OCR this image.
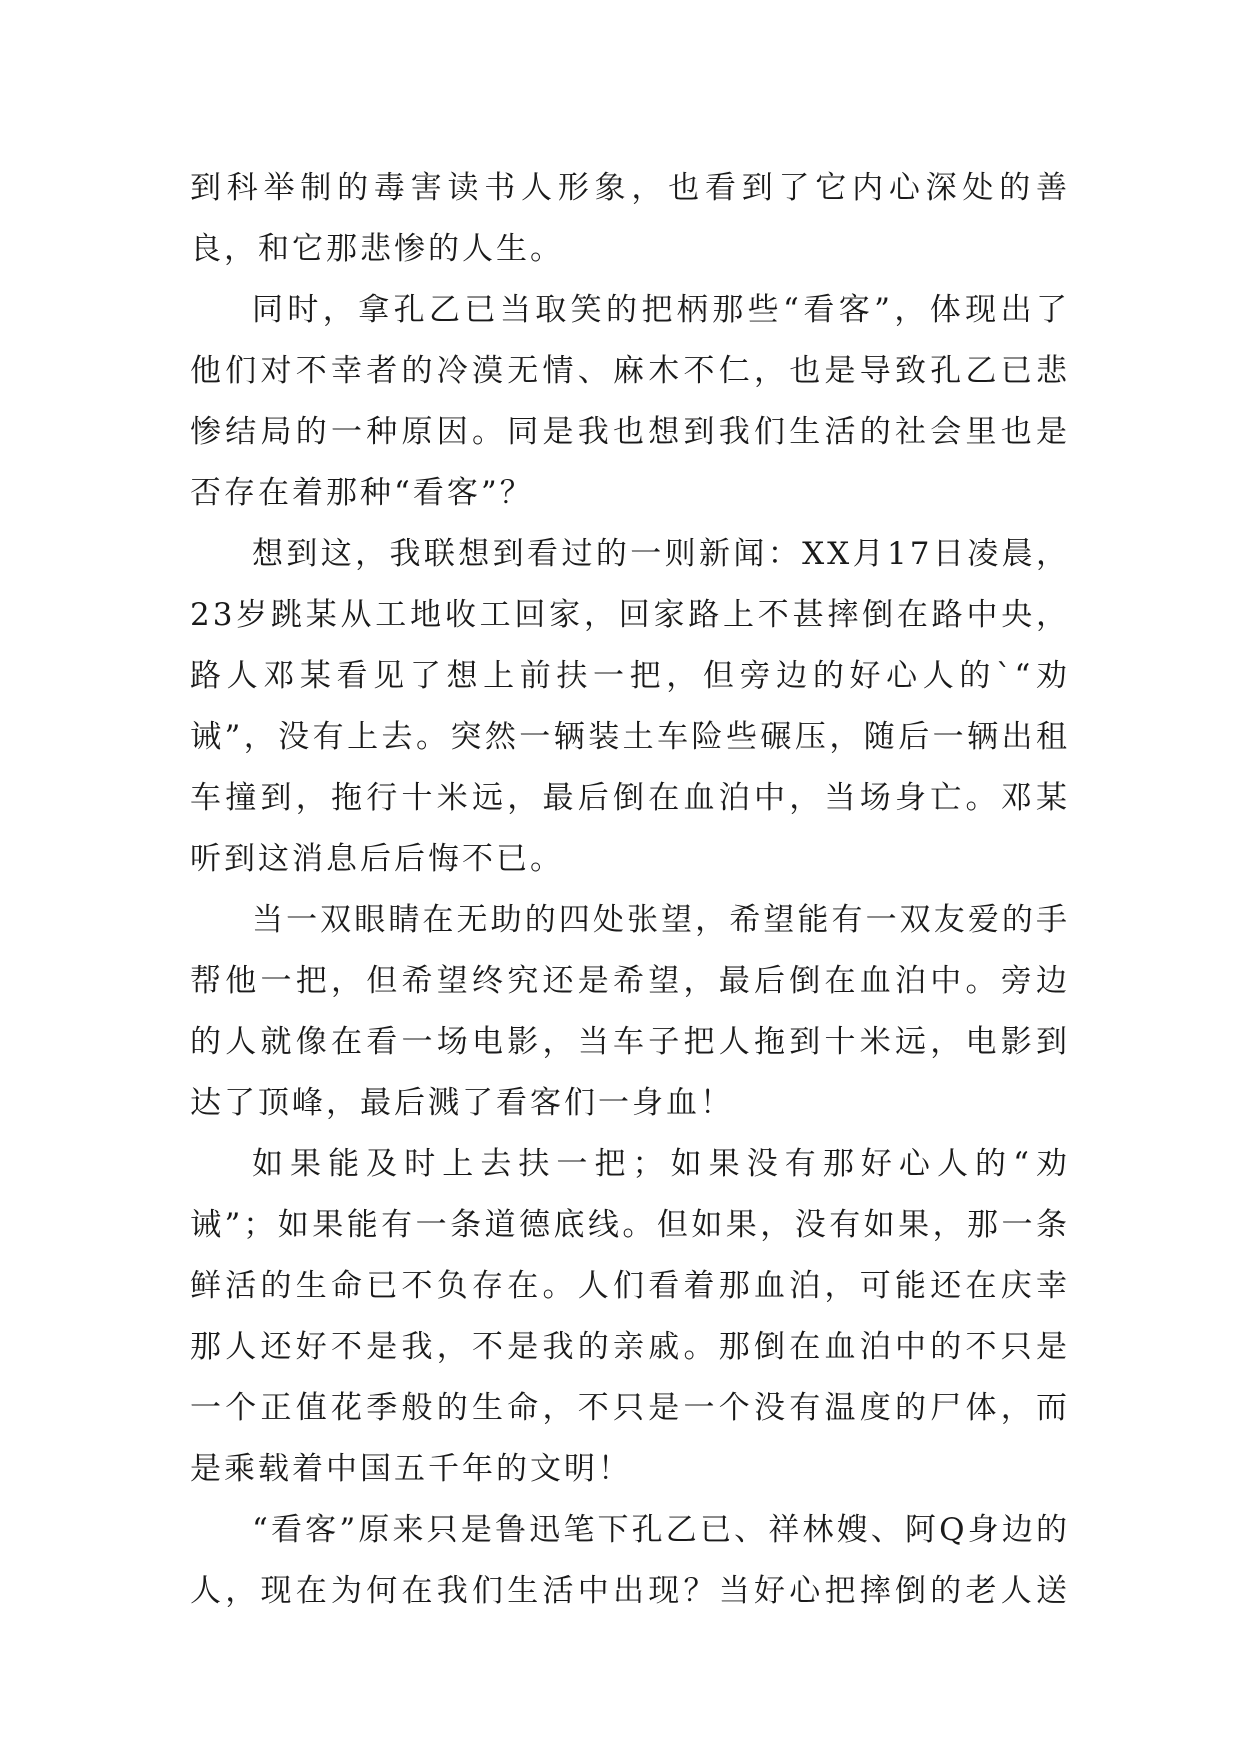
到科举制的毒害读书人形象，也看到了它内心深处的善良，和它那悲惨的人生。

同时，拿孔乙已当取笑的把柄那些“看客”，体现出了他们对不幸者的冷漠无情、麻木不仁，也是导致孔乙已悲惨结局的一种原因。同是我也想到我们生活的社会里也是否存在着那种“看客”？

想到这，我联想到看过的一则新闻：XX月17日凌晨，23岁跳某从工地收工回家，回家路上不甚摔倒在路中央，路人邓某看见了想上前扶一把，但旁边的好心人的`“劝诫”，没有上去。突然一辆装土车险些碾压，随后一辆出租车撞到，拖行十米远，最后倒在血泊中，当场身亡。邓某听到这消息后后悔不已。

当一双眼睛在无助的四处张望，希望能有一双友爱的手帮他一把，但希望终究还是希望，最后倒在血泊中。旁边的人就像在看一场电影，当车子把人拖到十米远，电影到达了顶峰，最后溅了看客们一身血！

如果能及时上去扶一把；如果没有那好心人的“劝诫”；如果能有一条道德底线。但如果，没有如果，那一条鲜活的生命已不负存在。人们看着那血泊，可能还在庆幸那人还好不是我，不是我的亲戚。那倒在血泊中的不只是一个正值花季般的生命，不只是一个没有温度的尸体，而是乘载着中国五千年的文明！

“看客”原来只是鲁迅笔下孔乙已、祥林嫂、阿Q身边的人，现在为何在我们生活中出现？当好心把摔倒的老人送
